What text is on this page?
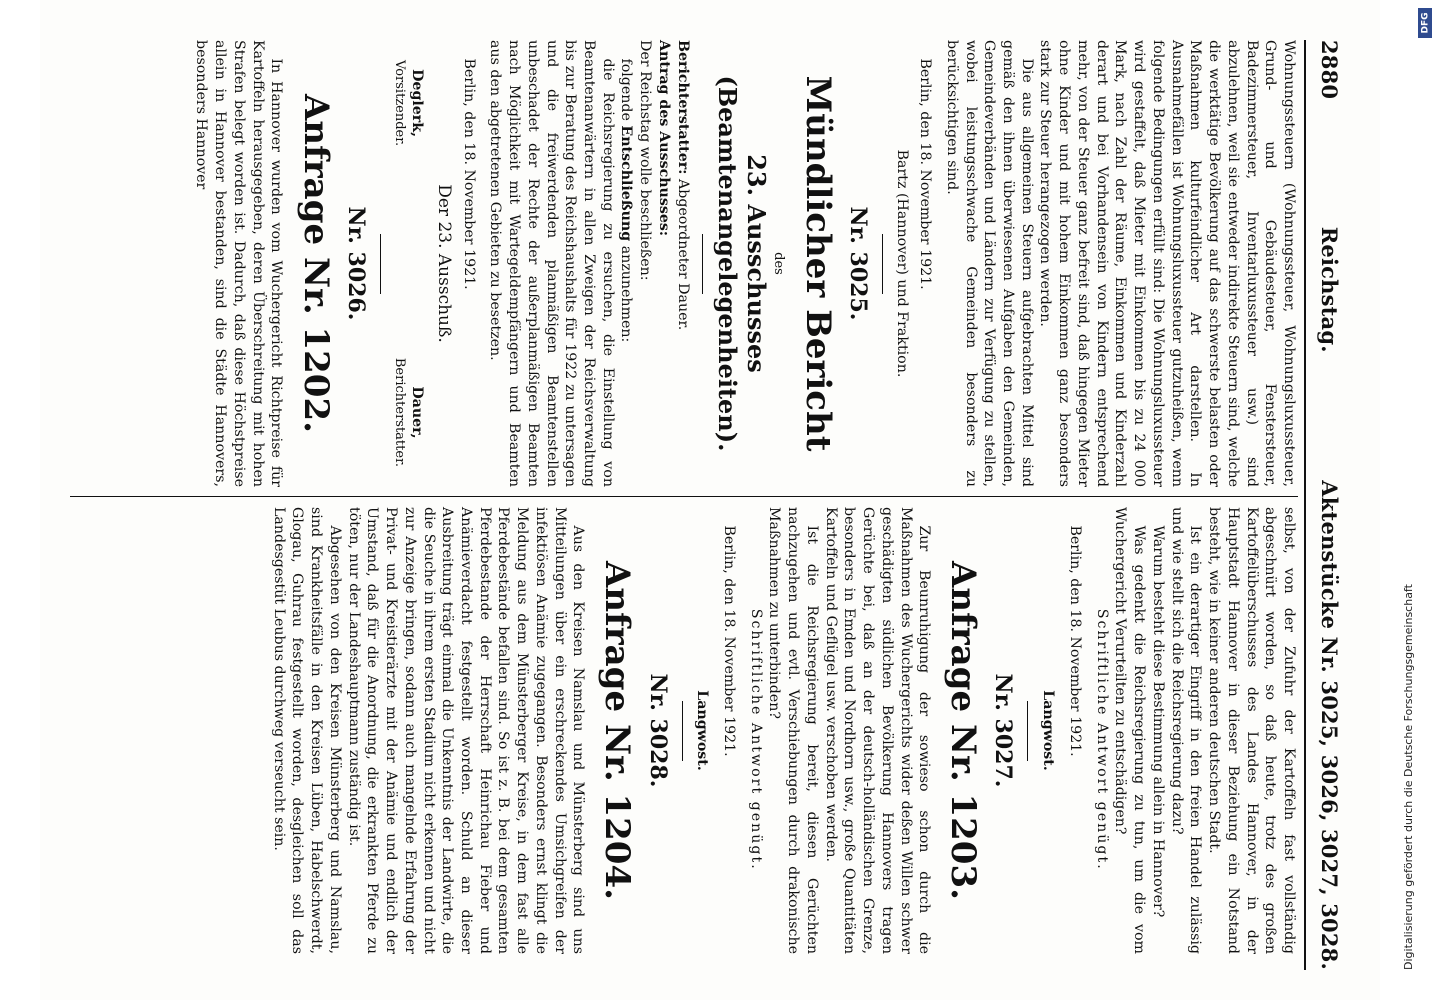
2880
Reichstag.
Aktenstücke Nr. 3025, 3026, 3027, 3028.

Wohnungssteuern (Wohnungssteuer, Wohnungsluxussteuer, Grund- und Gebäudesteuer, Fenstersteuer, Badezimmersteuer, Inventarluxussteuer usw.) sind abzulehnen, weil sie entweder indirekte Steuern sind, welche die werktätige Bevölkerung auf das schwerste belasten oder Maßnahmen kulturfeindlicher Art darstellen. In Ausnahmefällen ist Wohnungsluxussteuer gutzuheißen, wenn folgende Bedingungen erfüllt sind: Die Wohnungsluxussteuer wird gestaffelt, daß Mieter mit Einkommen bis zu 24 000 Mark, nach Zahl der Räume, Einkommen und Kinderzahl derart und bei Vorhandensein von Kindern entsprechend mehr, von der Steuer ganz befreit sind, daß hingegen Mieter ohne Kinder und mit hohem Einkommen ganz besonders stark zur Steuer herangezogen werden.

Die aus allgemeinen Steuern aufgebrachten Mittel sind gemäß den ihnen überwiesenen Aufgaben den Gemeinden, Gemeindeverbänden und Ländern zur Verfügung zu stellen, wobei leistungsschwache Gemeinden besonders zu berücksichtigen sind.

Berlin, den 18. November 1921.

Bartz (Hannover) und Fraktion.
Nr. 3025.
Mündlicher Bericht
des
23. Ausschusses (Beamtenangelegenheiten).

Berichterstatter: Abgeordneter Dauer.

Antrag des Ausschusses:

Der Reichstag wolle beschließen:

folgende Entschließung anzunehmen:

die Reichsregierung zu ersuchen, die Einstellung von Beamtenanwärtern in allen Zweigen der Reichsverwaltung bis zur Beratung des Reichshaushalts für 1922 zu untersagen und die freiwerdenden planmäßigen Beamtenstellen unbeschadet der Rechte der außerplanmäßigen Beamten nach Möglichkeit mit Wartegeldempfängern und Beamten aus den abgetretenen Gebieten zu besetzen.

Berlin, den 18. November 1921.

Der 23. Ausschuß.
Deglerk,
Vorsitzender.
Dauer,
Berichterstatter.
Nr. 3026.
Anfrage Nr. 1202.

In Hannover wurden vom Wuchergericht Richtpreise für Kartoffeln herausgegeben, deren Überschreitung mit hohen Strafen belegt worden ist. Dadurch, daß diese Höchstpreise allein in Hannover bestanden, sind die Städte Hannovers, besonders Hannover

selbst, von der Zufuhr der Kartoffeln fast vollständig abgeschnürt worden, so daß heute, trotz des großen Kartoffelüberschusses des Landes Hannover, in der Hauptstadt Hannover in dieser Beziehung ein Notstand besteht, wie in keiner anderen deutschen Stadt.

Ist ein derartiger Eingriff in den freien Handel zulässig und wie stellt sich die Reichsregierung dazu?

Warum besteht diese Bestimmung allein in Hannover?

Was gedenkt die Reichsregierung zu tun, um die vom Wuchergericht Verurteilten zu entschädigen?

Schriftliche Antwort genügt.

Berlin, den 18. November 1921.

Langwost.
Nr. 3027.
Anfrage Nr. 1203.

Zur Beunruhigung der sowieso schon durch die Maßnahmen des Wuchergerichts wider deßen Willen schwer geschädigten südlichen Bevölkerung Hannovers tragen Gerüchte bei, daß an der deutsch-holländischen Grenze, besonders in Emden und Nordhorn usw., große Quantitäten Kartoffeln und Geflügel usw. verschoben werden.

Ist die Reichsregierung bereit, diesen Gerüchten nachzugehen und evtl. Verschiebungen durch drakonische Maßnahmen zu unterbinden?

Schriftliche Antwort genügt.

Berlin, den 18. November 1921.

Langwost.
Nr. 3028.
Anfrage Nr. 1204.

Aus den Kreisen Namslau und Münsterberg sind uns Mitteilungen über ein erschreckendes Umsichgreifen der infektiösen Anämie zugegangen. Besonders ernst klingt die Meldung aus dem Münsterberger Kreise, in dem fast alle Pferdebestände befallen sind. So ist z. B. bei dem gesamten Pferdebestande der Herrschaft Heinrichau Fieber und Anämieverdacht festgestellt worden. Schuld an dieser Ausbreitung trägt einmal die Unkenntnis der Landwirte, die die Seuche in ihrem ersten Stadium nicht erkennen und nicht zur Anzeige bringen, sodann auch mangelnde Erfahrung der Privat- und Kreistierärzte mit der Anämie und endlich der Umstand, daß für die Anordnung, die erkrankten Pferde zu töten, nur der Landeshauptmann zuständig ist.

Abgesehen von den Kreisen Münsterberg und Namslau, sind Krankheitsfälle in den Kreisen Lüben, Habelschwerdt, Glogau, Guhrau festgestellt worden, desgleichen soll das Landesgestüt Leubus durchweg verseucht sein.	Digitalisierung gefördert durch die Deutsche Forschungsgemeinschaft
DFG
